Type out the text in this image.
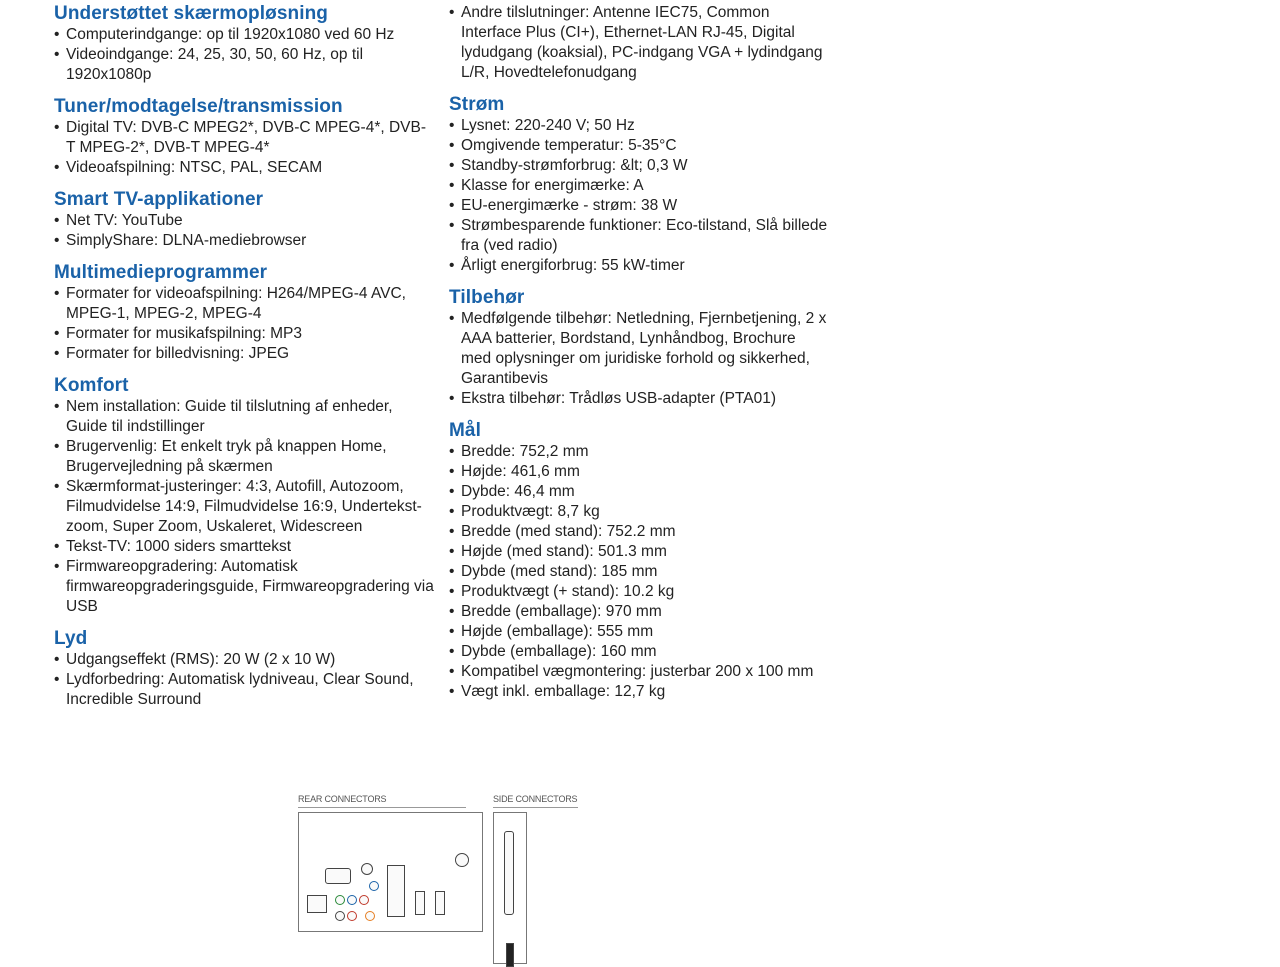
Understøttet skærmopløsning
• Computerindgange: op til 1920x1080 ved 60 Hz
• Videoindgange: 24, 25, 30, 50, 60 Hz, op til 1920x1080p
Tuner/modtagelse/transmission
• Digital TV: DVB-C MPEG2*, DVB-C MPEG-4*, DVB-T MPEG-2*, DVB-T MPEG-4*
• Videoafspilning: NTSC, PAL, SECAM
Smart TV-applikationer
• Net TV: YouTube
• SimplyShare: DLNA-mediebrowser
Multimedieprogrammer
• Formater for videoafspilning: H264/MPEG-4 AVC, MPEG-1, MPEG-2, MPEG-4
• Formater for musikafspilning: MP3
• Formater for billedvisning: JPEG
Komfort
• Nem installation: Guide til tilslutning af enheder, Guide til indstillinger
• Brugervenlig: Et enkelt tryk på knappen Home, Brugervejledning på skærmen
• Skærmformat-justeringer: 4:3, Autofill, Autozoom, Filmudvidelse 14:9, Filmudvidelse 16:9, Undertekst-zoom, Super Zoom, Uskaleret, Widescreen
• Tekst-TV: 1000 siders smarttekst
• Firmwareopgradering: Automatisk firmwareopgraderingsguide, Firmwareopgradering via USB
Lyd
• Udgangseffekt (RMS): 20 W (2 x 10 W)
• Lydforbedring: Automatisk lydniveau, Clear Sound, Incredible Surround
• Andre tilslutninger: Antenne IEC75, Common Interface Plus (CI+), Ethernet-LAN RJ-45, Digital lydudgang (koaksial), PC-indgang VGA + lydindgang L/R, Hovedtelefonudgang
Strøm
• Lysnet: 220-240 V; 50 Hz
• Omgivende temperatur: 5-35°C
• Standby-strømforbrug: &lt; 0,3 W
• Klasse for energimærke: A
• EU-energimærke - strøm: 38 W
• Strømbesparende funktioner: Eco-tilstand, Slå billede fra (ved radio)
• Årligt energiforbrug: 55 kW-timer
Tilbehør
• Medfølgende tilbehør: Netledning, Fjernbetjening, 2 x AAA batterier, Bordstand, Lynhåndbog, Brochure med oplysninger om juridiske forhold og sikkerhed, Garantibevis
• Ekstra tilbehør: Trådløs USB-adapter (PTA01)
Mål
• Bredde: 752,2 mm
• Højde: 461,6 mm
• Dybde: 46,4 mm
• Produktvægt: 8,7 kg
• Bredde (med stand): 752.2 mm
• Højde (med stand): 501.3 mm
• Dybde (med stand): 185 mm
• Produktvægt (+ stand): 10.2 kg
• Bredde (emballage): 970 mm
• Højde (emballage): 555 mm
• Dybde (emballage): 160 mm
• Kompatibel vægmontering: justerbar 200 x 100 mm
• Vægt inkl. emballage: 12,7 kg
REAR CONNECTORS	SIDE CONNECTORS
